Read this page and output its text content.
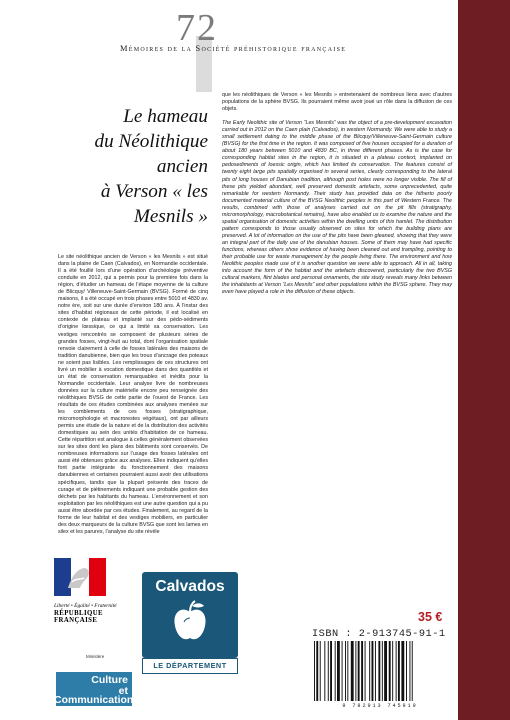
72
Mémoires de la Société préhistorique française
Le hameau
du Néolithique ancien
à Verson « les Mesnils »
Le site néolithique ancien de Verson « les Mesnils » est situé dans la plaine de Caen (Calvados), en Normandie occidentale. Il a été fouillé lors d’une opération d’archéologie préventive conduite en 2012, qui a permis pour la première fois dans la région, d’étudier un hameau de l’étape moyenne de la culture de Blicquy/ Villeneuve-Saint-Germain (BVSG). Formé de cinq maisons, il a été occupé en trois phases entre 5010 et 4830 av. notre ère, soit sur une durée d’environ 180 ans. À l’instar des sites d’habitat régionaux de cette période, il est localisé en contexte de plateau et implanté sur des pédo-sédiments d’origine lœssique, ce qui a limité sa conservation. Les vestiges rencontrés se composent de plusieurs séries de grandes fosses, vingt-huit au total, dont l’organisation spatiale renvoie clairement à celle de fosses latérales des maisons de tradition danubienne, bien que les trous d’ancrage des poteaux ne soient pas lisibles. Les remplissages de ces structures ont livré un mobilier à vocation domestique dans des quantités et un état de conservation remarquables et inédits pour la Normandie occidentale. Leur analyse livre de nombreuses données sur la culture matérielle encore peu renseignée des néolithiques BVSG de cette partie de l’ouest de France. Les résultats de ces études combinées aux analyses menées sur les comblements de ces fosses (stratigraphique, micromorphologie et macrorestes végétaux), ont par ailleurs permis une étude de la nature et de la distribution des activités domestiques au sein des unités d’habitation de ce hameau. Cette répartition est analogue à celles généralement observées sur les sites dont les plans des bâtiments sont conservés. De nombreuses informations sur l’usage des fosses latérales ont aussi été obtenues grâce aux analyses. Elles indiquent qu’elles font partie intégrante du fonctionnement des maisons danubiennes et certaines pourraient aussi avoir des utilisations spécifiques, tandis que la plupart présente des traces de curage et de piétinements indiquant une probable gestion des déchets par les habitants du hameau. L’environnement et son exploitation par les néolithiques est une autre question qui a pu aussi être abordée par ces études. Finalement, au regard de la forme de leur habitat et des vestiges mobiliers, en particulier des deux marqueurs de la culture BVSG que sont les lames en silex et les parures, l’analyse du site révèle

que les néolithiques de Verson « les Mesnils » entretenaient de nombreux liens avec d’autres populations de la sphère BVSG. Ils pourraient même avoir joué un rôle dans la diffusion de ces objets.

The Early Neolithic site of Verson “Les Mesnils” was the object of a pre-development excavation carried out in 2012 on the Caen plain (Calvados), in western Normandy. We were able to study a small settlement dating to the middle phase of the Blicquy/Villeneuve-Saint-Germain culture (BVSG) for the first time in the region. It was composed of five houses occupied for a duration of about 180 years between 5010 and 4830 BC, in three different phases. As is the case for corresponding habitat sites in the region, it is situated in a plateau context, implanted on pedosediments of loessic origin, which has limited its conservation. The features consist of twenty eight large pits spatially organised in several series, clearly corresponding to the lateral pits of long houses of Danubian tradition, although post holes were no longer visible. The fill of these pits yielded abundant, well preserved domestic artefacts, some unprecedented, quite remarkable for western Normandy. Their study has provided data on the hitherto poorly documented material culture of the BVSG Neolithic peoples in this part of Western France. The results, combined with those of analyses carried out on the pit fills (stratigraphy, micromorphology, macrobotanical remains), have also enabled us to examine the nature and the spatial organisation of domestic activities within the dwelling units of this hamlet. The distribution pattern corresponds to those usually observed on sites for which the building plans are preserved. A lot of information on the use of the pits have been gleaned, showing that they were an integral part of the daily use of the danubian houses. Some of them may have had specific functions, whereas others show evidence of having been cleaned out and trampling, pointing to their probable use for waste management by the people living there. The environment and how Neolithic peoples made use of it is another question we were able to approach. All in all, taking into account the form of the habitat and the artefacts discovered, particularly the two BVSG cultural markers, flint blades and personal ornaments, the site study reveals many links between the inhabitants at Verson “Les Mesnils” and other populations within the BVSG sphere. They may even have played a role in the diffusion of these objects.

Liberté • Égalité • Fraternité
RÉPUBLIQUE FRANÇAISE
Ministère
Culture
et
Communication
Calvados
LE DÉPARTEMENT
35 €
ISBN : 2-913745-91-1
9 782913 745919
